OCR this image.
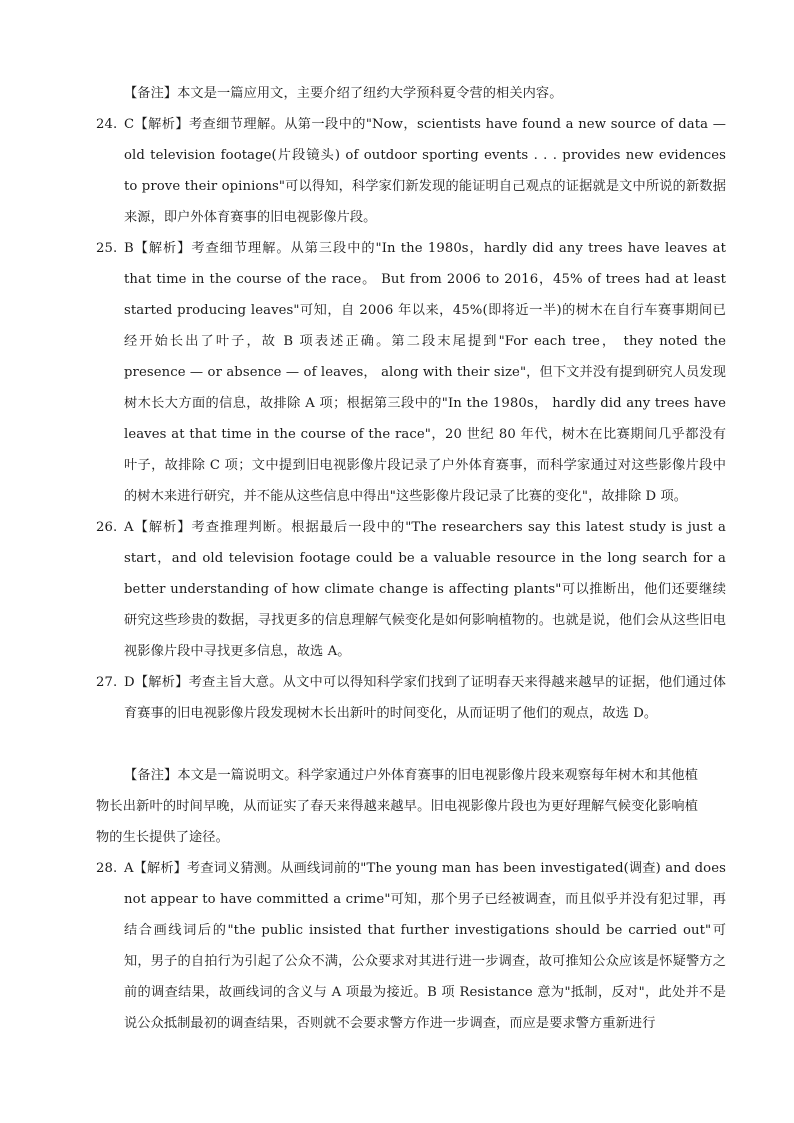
【备注】本文是一篇应用文，主要介绍了纽约大学预科夏令营的相关内容。
24. C【解析】考查细节理解。从第一段中的"Now，scientists have found a new source of data — old television footage(片段镜头) of outdoor sporting events . . . provides new evidences to prove their opinions"可以得知，科学家们新发现的能证明自己观点的证据就是文中所说的新数据来源，即户外体育赛事的旧电视影像片段。
25. B【解析】考查细节理解。从第三段中的"In the 1980s，hardly did any trees have leaves at that time in the course of the race。 But from 2006 to 2016，45% of trees had at least started producing leaves"可知，自 2006 年以来，45%(即将近一半)的树木在自行车赛事期间已经开始长出了叶子，故 B 项表述正确。第二段末尾提到"For each tree， they noted the presence — or absence — of leaves， along with their size"，但下文并没有提到研究人员发现树木长大方面的信息，故排除 A 项；根据第三段中的"In the 1980s， hardly did any trees have leaves at that time in the course of the race"，20 世纪 80 年代，树木在比赛期间几乎都没有叶子，故排除 C 项；文中提到旧电视影像片段记录了户外体育赛事，而科学家通过对这些影像片段中的树木来进行研究，并不能从这些信息中得出"这些影像片段记录了比赛的变化"，故排除 D 项。
26. A【解析】考查推理判断。根据最后一段中的"The researchers say this latest study is just a start，and old television footage could be a valuable resource in the long search for a better understanding of how climate change is affecting plants"可以推断出，他们还要继续研究这些珍贵的数据，寻找更多的信息理解气候变化是如何影响植物的。也就是说，他们会从这些旧电视影像片段中寻找更多信息，故选 A。
27. D【解析】考查主旨大意。从文中可以得知科学家们找到了证明春天来得越来越早的证据，他们通过体育赛事的旧电视影像片段发现树木长出新叶的时间变化，从而证明了他们的观点，故选 D。
【备注】本文是一篇说明文。科学家通过户外体育赛事的旧电视影像片段来观察每年树木和其他植物长出新叶的时间早晚，从而证实了春天来得越来越早。旧电视影像片段也为更好理解气候变化影响植物的生长提供了途径。
28. A【解析】考查词义猜测。从画线词前的"The young man has been investigated(调查) and does not appear to have committed a crime"可知，那个男子已经被调查，而且似乎并没有犯过罪，再结合画线词后的"the public insisted that further investigations should be carried out"可知，男子的自拍行为引起了公众不满，公众要求对其进行进一步调查，故可推知公众应该是怀疑警方之前的调查结果，故画线词的含义与 A 项最为接近。B 项 Resistance 意为"抵制，反对"，此处并不是说公众抵制最初的调查结果，否则就不会要求警方作进一步调查，而应是要求警方重新进行
